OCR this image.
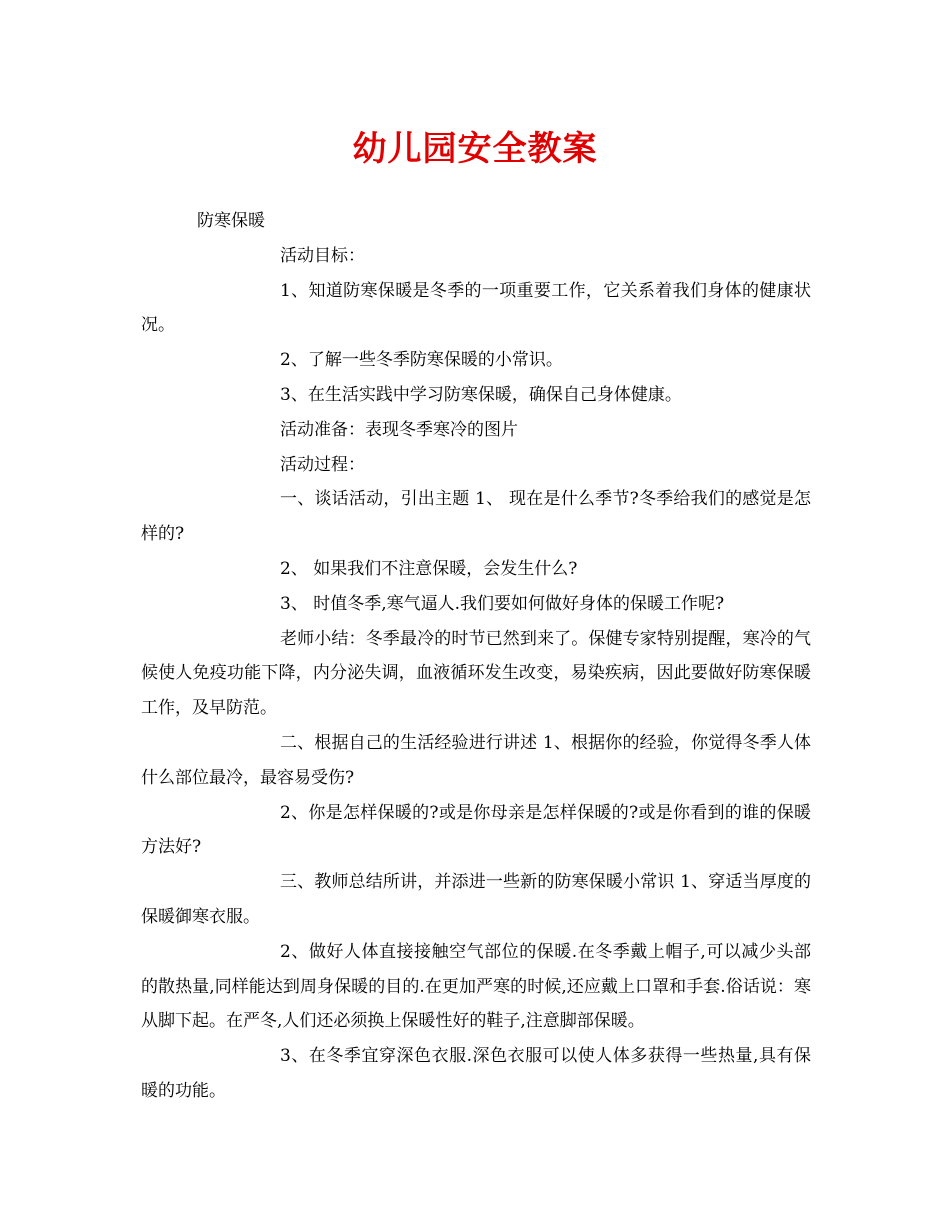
幼儿园安全教案

防寒保暖

活动目标：

1、知道防寒保暖是冬季的一项重要工作，它关系着我们身体的健康状况。

2、了解一些冬季防寒保暖的小常识。

3、在生活实践中学习防寒保暖，确保自己身体健康。

活动准备：表现冬季寒冷的图片

活动过程：

一、谈话活动，引出主题 1、 现在是什么季节?冬季给我们的感觉是怎样的?

2、 如果我们不注意保暖，会发生什么?

3、 时值冬季,寒气逼人.我们要如何做好身体的保暖工作呢?

老师小结：冬季最冷的时节已然到来了。保健专家特别提醒，寒冷的气候使人免疫功能下降，内分泌失调，血液循环发生改变，易染疾病，因此要做好防寒保暖工作，及早防范。

二、根据自己的生活经验进行讲述 1、根据你的经验，你觉得冬季人体什么部位最冷，最容易受伤?

2、你是怎样保暖的?或是你母亲是怎样保暖的?或是你看到的谁的保暖方法好?

三、教师总结所讲，并添进一些新的防寒保暖小常识 1、穿适当厚度的保暖御寒衣服。

2、做好人体直接接触空气部位的保暖.在冬季戴上帽子,可以减少头部的散热量,同样能达到周身保暖的目的.在更加严寒的时候,还应戴上口罩和手套.俗话说：寒从脚下起。在严冬,人们还必须换上保暖性好的鞋子,注意脚部保暖。

3、在冬季宜穿深色衣服.深色衣服可以使人体多获得一些热量,具有保暖的功能。
